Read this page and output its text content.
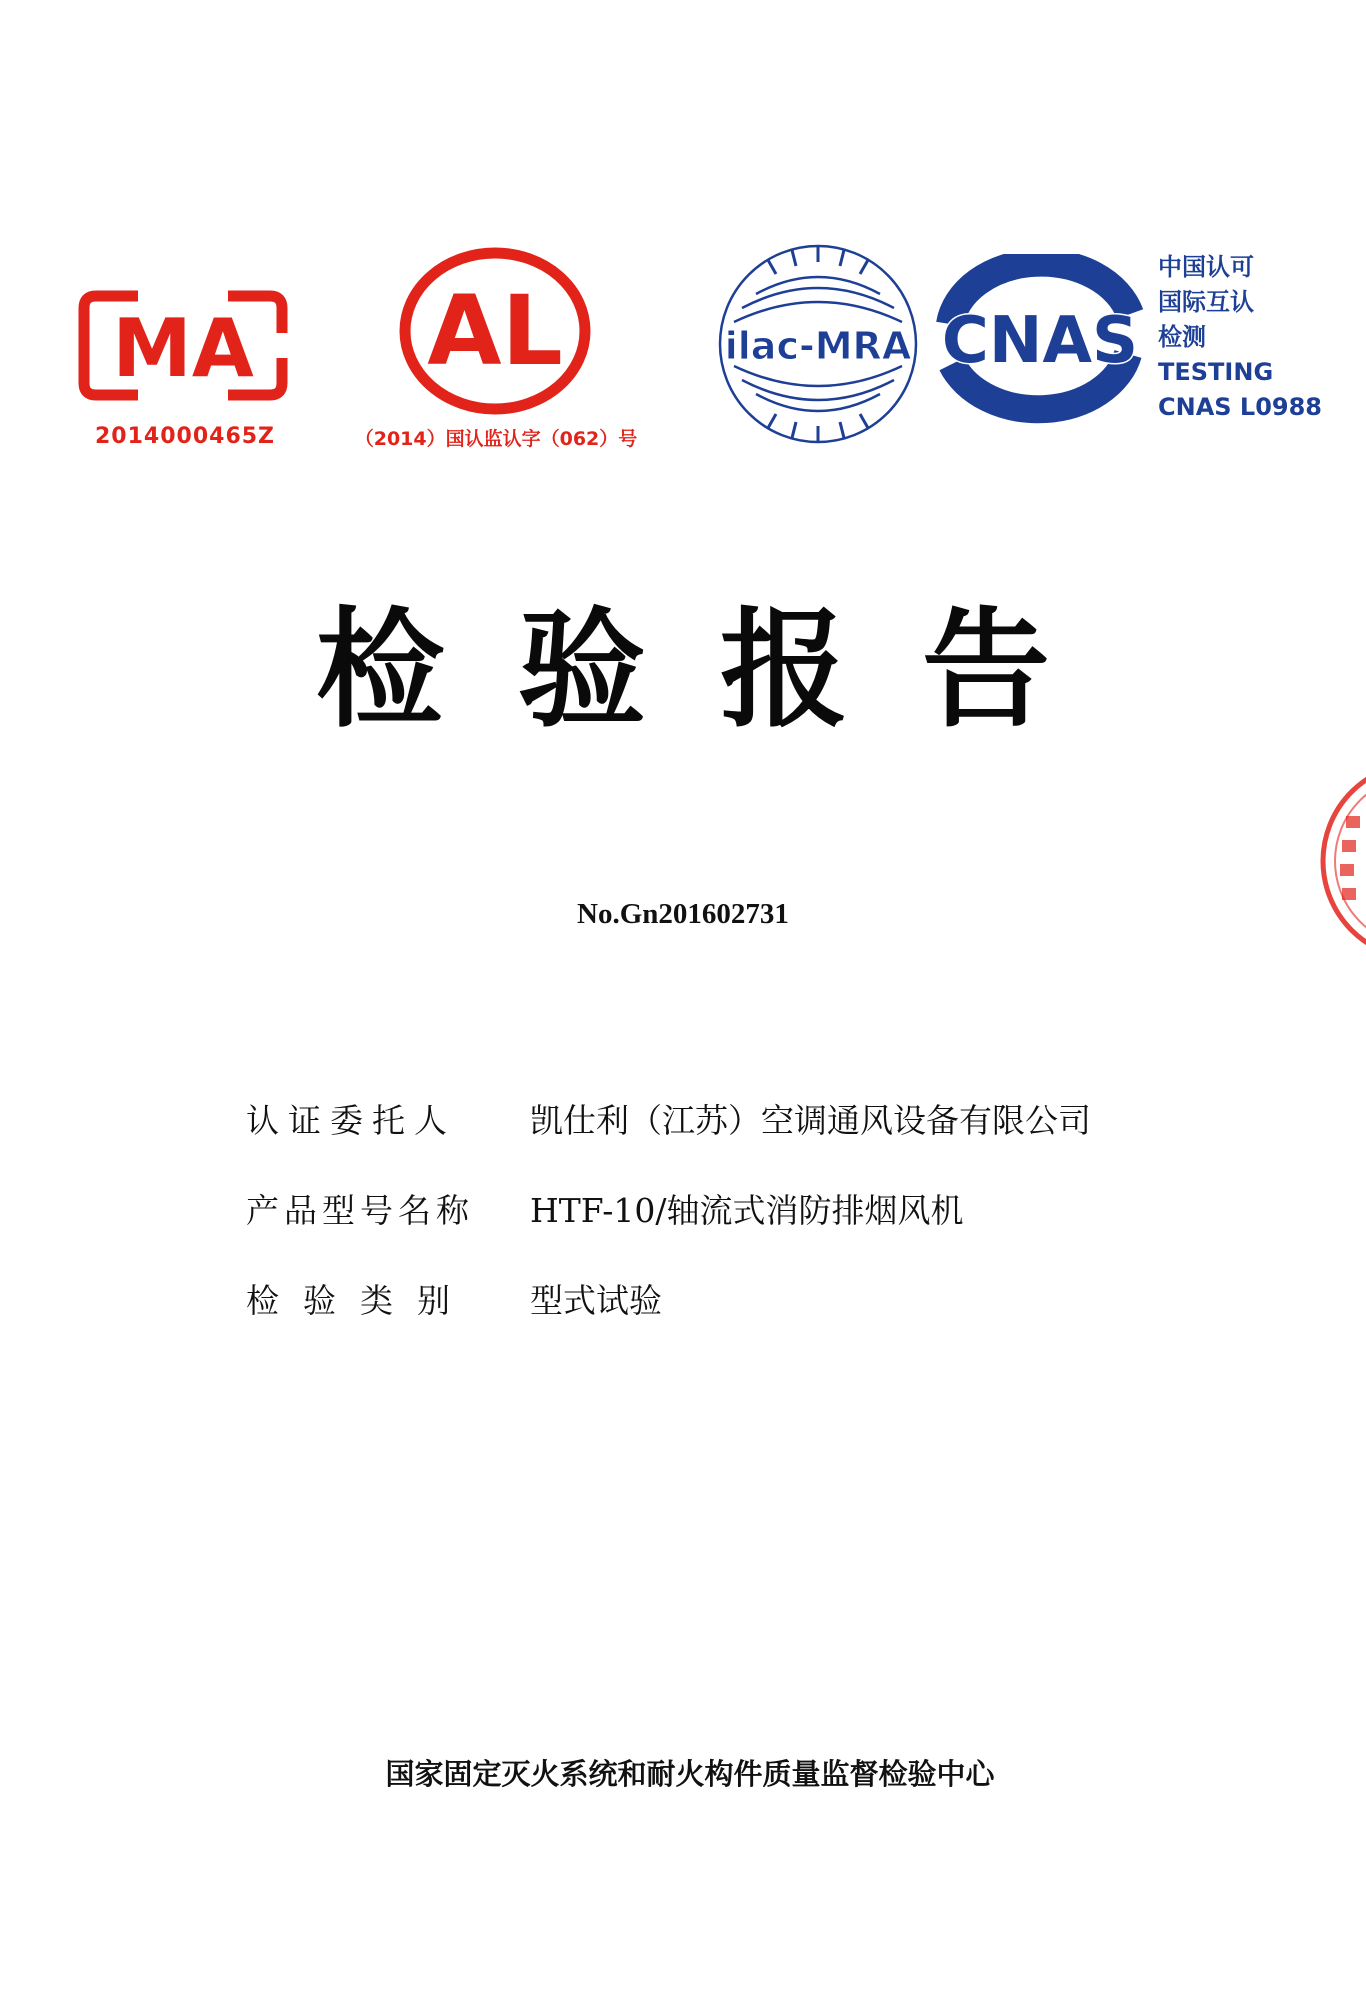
MA
2014000465Z
AL
（2014）国认监认字（062）号
ilac-MRA CNAS
中国认可
国际互认
检测
TESTING
CNAS L0988
检验报告
No.Gn201602731
认证委托人	凯仕利（江苏）空调通风设备有限公司
产品型号名称	HTF-10/轴流式消防排烟风机
检验类别	型式试验
国家固定灭火系统和耐火构件质量监督检验中心
